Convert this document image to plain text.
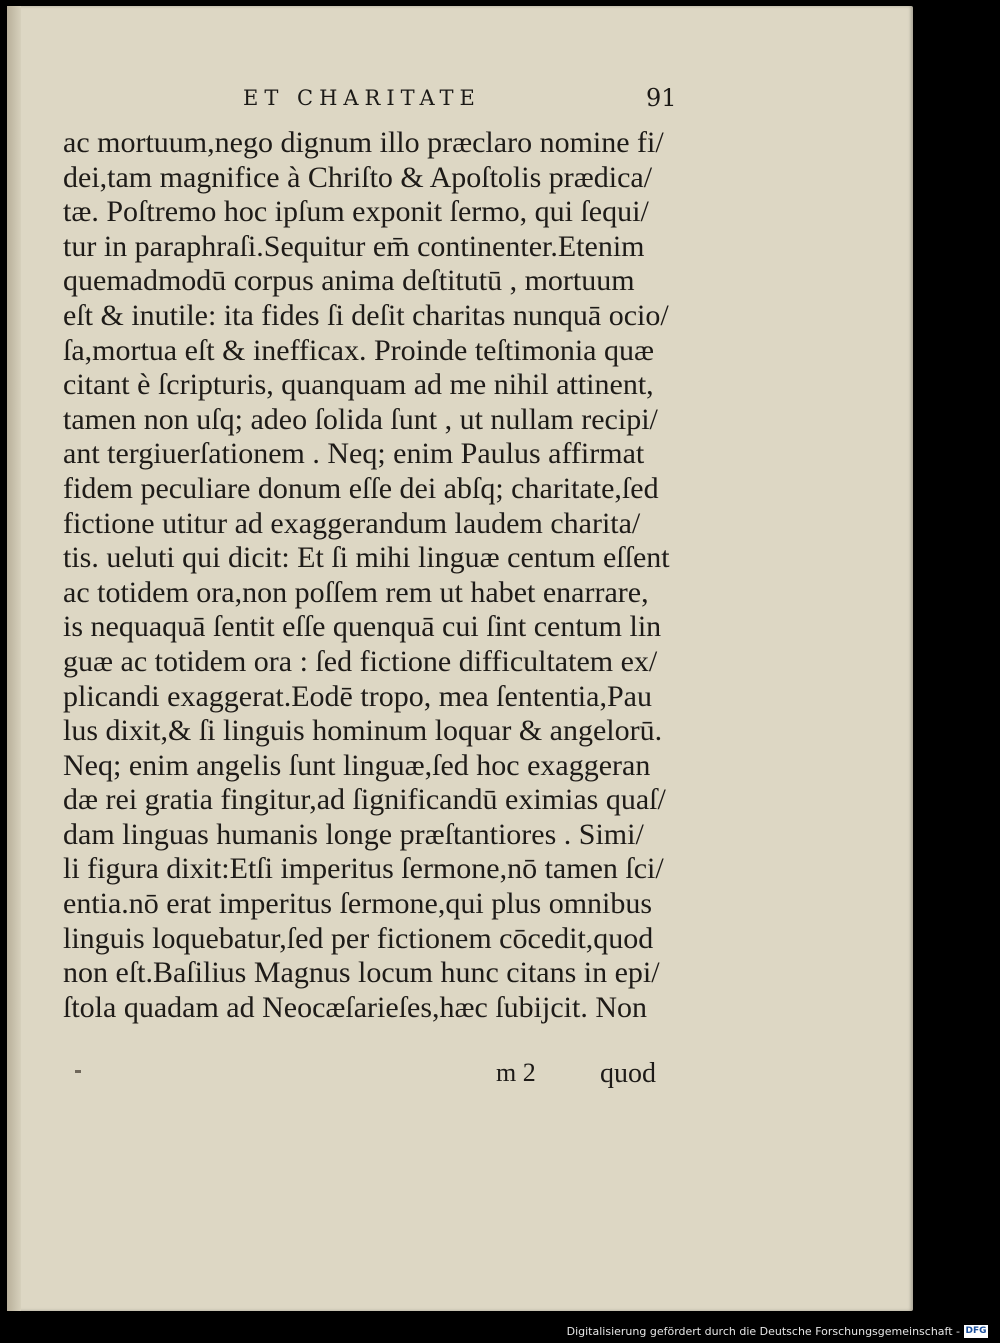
ET CHARITATE	91
ac mortuum,nego dignum illo præclaro nomine fi/
dei,tam magnifice à Chriſto & Apoſtolis prædica/
tæ. Poſtremo hoc ipſum exponit ſermo, qui ſequi/
tur in paraphraſi.Sequitur em̄ continenter.Etenim
quemadmodū corpus anima deſtitutū , mortuum
eſt & inutile: ita fides ſi deſit charitas nunquā ocio/
ſa,mortua eſt & inefficax. Proinde teſtimonia quæ
citant è ſcripturis, quanquam ad me nihil attinent,
tamen non uſq; adeo ſolida ſunt , ut nullam recipi/
ant tergiuerſationem . Neq; enim Paulus affirmat
fidem peculiare donum eſſe dei abſq; charitate,ſed
fictione utitur ad exaggerandum laudem charita/
tis. ueluti qui dicit: Et ſi mihi linguæ centum eſſent
ac totidem ora,non poſſem rem ut habet enarrare,
is nequaquā ſentit eſſe quenquā cui ſint centum lin
guæ ac totidem ora : ſed fictione difficultatem ex/
plicandi exaggerat.Eodē tropo, mea ſententia,Pau
lus dixit,& ſi linguis hominum loquar & angelorū.
Neq; enim angelis ſunt linguæ,ſed hoc exaggeran
dæ rei gratia fingitur,ad ſignificandū eximias quaſ/
dam linguas humanis longe præſtantiores . Simi/
li figura dixit:Etſi imperitus ſermone,nō tamen ſci/
entia.nō erat imperitus ſermone,qui plus omnibus
linguis loquebatur,ſed per fictionem cōcedit,quod
non eſt.Baſilius Magnus locum hunc citans in epi/
ſtola quadam ad Neocæſarieſes,hæc ſubijcit. Non
m 2 quod
Digitalisierung gefördert durch die Deutsche Forschungsgemeinschaft - DFG
